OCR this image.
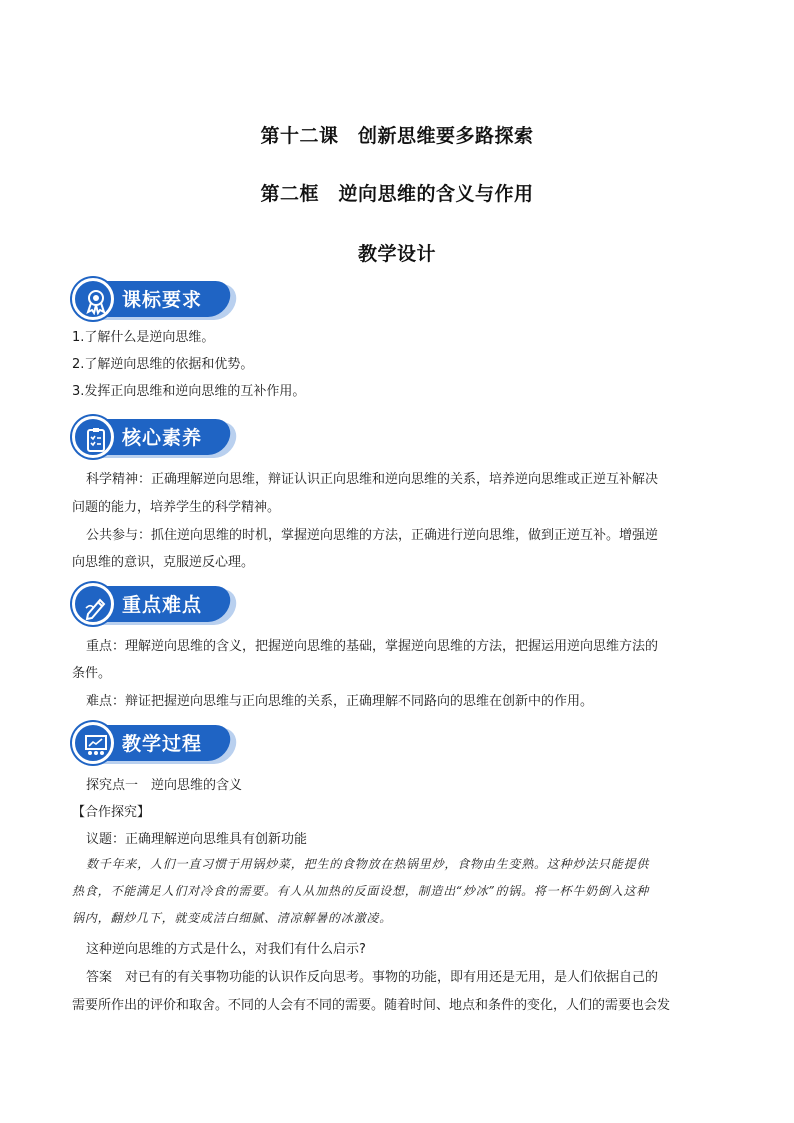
第十二课　创新思维要多路探索
第二框　逆向思维的含义与作用
教学设计
课标要求
1.了解什么是逆向思维。
2.了解逆向思维的依据和优势。
3.发挥正向思维和逆向思维的互补作用。
核心素养
科学精神：正确理解逆向思维，辩证认识正向思维和逆向思维的关系，培养逆向思维或正逆互补解决
问题的能力，培养学生的科学精神。
公共参与：抓住逆向思维的时机，掌握逆向思维的方法，正确进行逆向思维，做到正逆互补。增强逆
向思维的意识，克服逆反心理。
重点难点
重点：理解逆向思维的含义，把握逆向思维的基础，掌握逆向思维的方法，把握运用逆向思维方法的
条件。
难点：辩证把握逆向思维与正向思维的关系，正确理解不同路向的思维在创新中的作用。
教学过程
探究点一　逆向思维的含义
【合作探究】
议题：正确理解逆向思维具有创新功能
数千年来，人们一直习惯于用锅炒菜，把生的食物放在热锅里炒，食物由生变熟。这种炒法只能提供
热食，不能满足人们对冷食的需要。有人从加热的反面设想，制造出“炒冰”的锅。将一杯牛奶倒入这种
锅内，翻炒几下，就变成洁白细腻、清凉解暑的冰激凌。
这种逆向思维的方式是什么，对我们有什么启示?
答案　对已有的有关事物功能的认识作反向思考。事物的功能，即有用还是无用，是人们依据自己的
需要所作出的评价和取舍。不同的人会有不同的需要。随着时间、地点和条件的变化，人们的需要也会发
